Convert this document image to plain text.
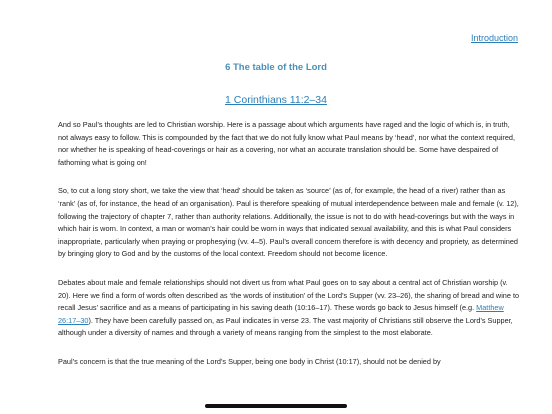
Introduction
6 The table of the Lord
1 Corinthians 11:2–34

And so Paul’s thoughts are led to Christian worship. Here is a passage about which arguments have raged and the logic of which is, in truth, not always easy to follow. This is compounded by the fact that we do not fully know what Paul means by ‘head’, nor what the context required, nor whether he is speaking of head-coverings or hair as a covering, nor what an accurate translation should be. Some have despaired of fathoming what is going on!

So, to cut a long story short, we take the view that ‘head’ should be taken as ‘source’ (as of, for example, the head of a river) rather than as ‘rank’ (as of, for instance, the head of an organisation). Paul is therefore speaking of mutual interdependence between male and female (v. 12), following the trajectory of chapter 7, rather than authority relations. Additionally, the issue is not to do with head-coverings but with the ways in which hair is worn. In context, a man or woman’s hair could be worn in ways that indicated sexual availability, and this is what Paul considers inappropriate, particularly when praying or prophesying (vv. 4–5). Paul’s overall concern therefore is with decency and propriety, as determined by bringing glory to God and by the customs of the local context. Freedom should not become licence.

Debates about male and female relationships should not divert us from what Paul goes on to say about a central act of Christian worship (v. 20). Here we find a form of words often described as ‘the words of institution’ of the Lord’s Supper (vv. 23–26), the sharing of bread and wine to recall Jesus’ sacrifice and as a means of participating in his saving death (10:16–17). These words go back to Jesus himself (e.g. Matthew 26:17–30). They have been carefully passed on, as Paul indicates in verse 23. The vast majority of Christians still observe the Lord’s Supper, although under a diversity of names and through a variety of means ranging from the simplest to the most elaborate.

Paul’s concern is that the true meaning of the Lord’s Supper, being one body in Christ (10:17), should not be denied by
